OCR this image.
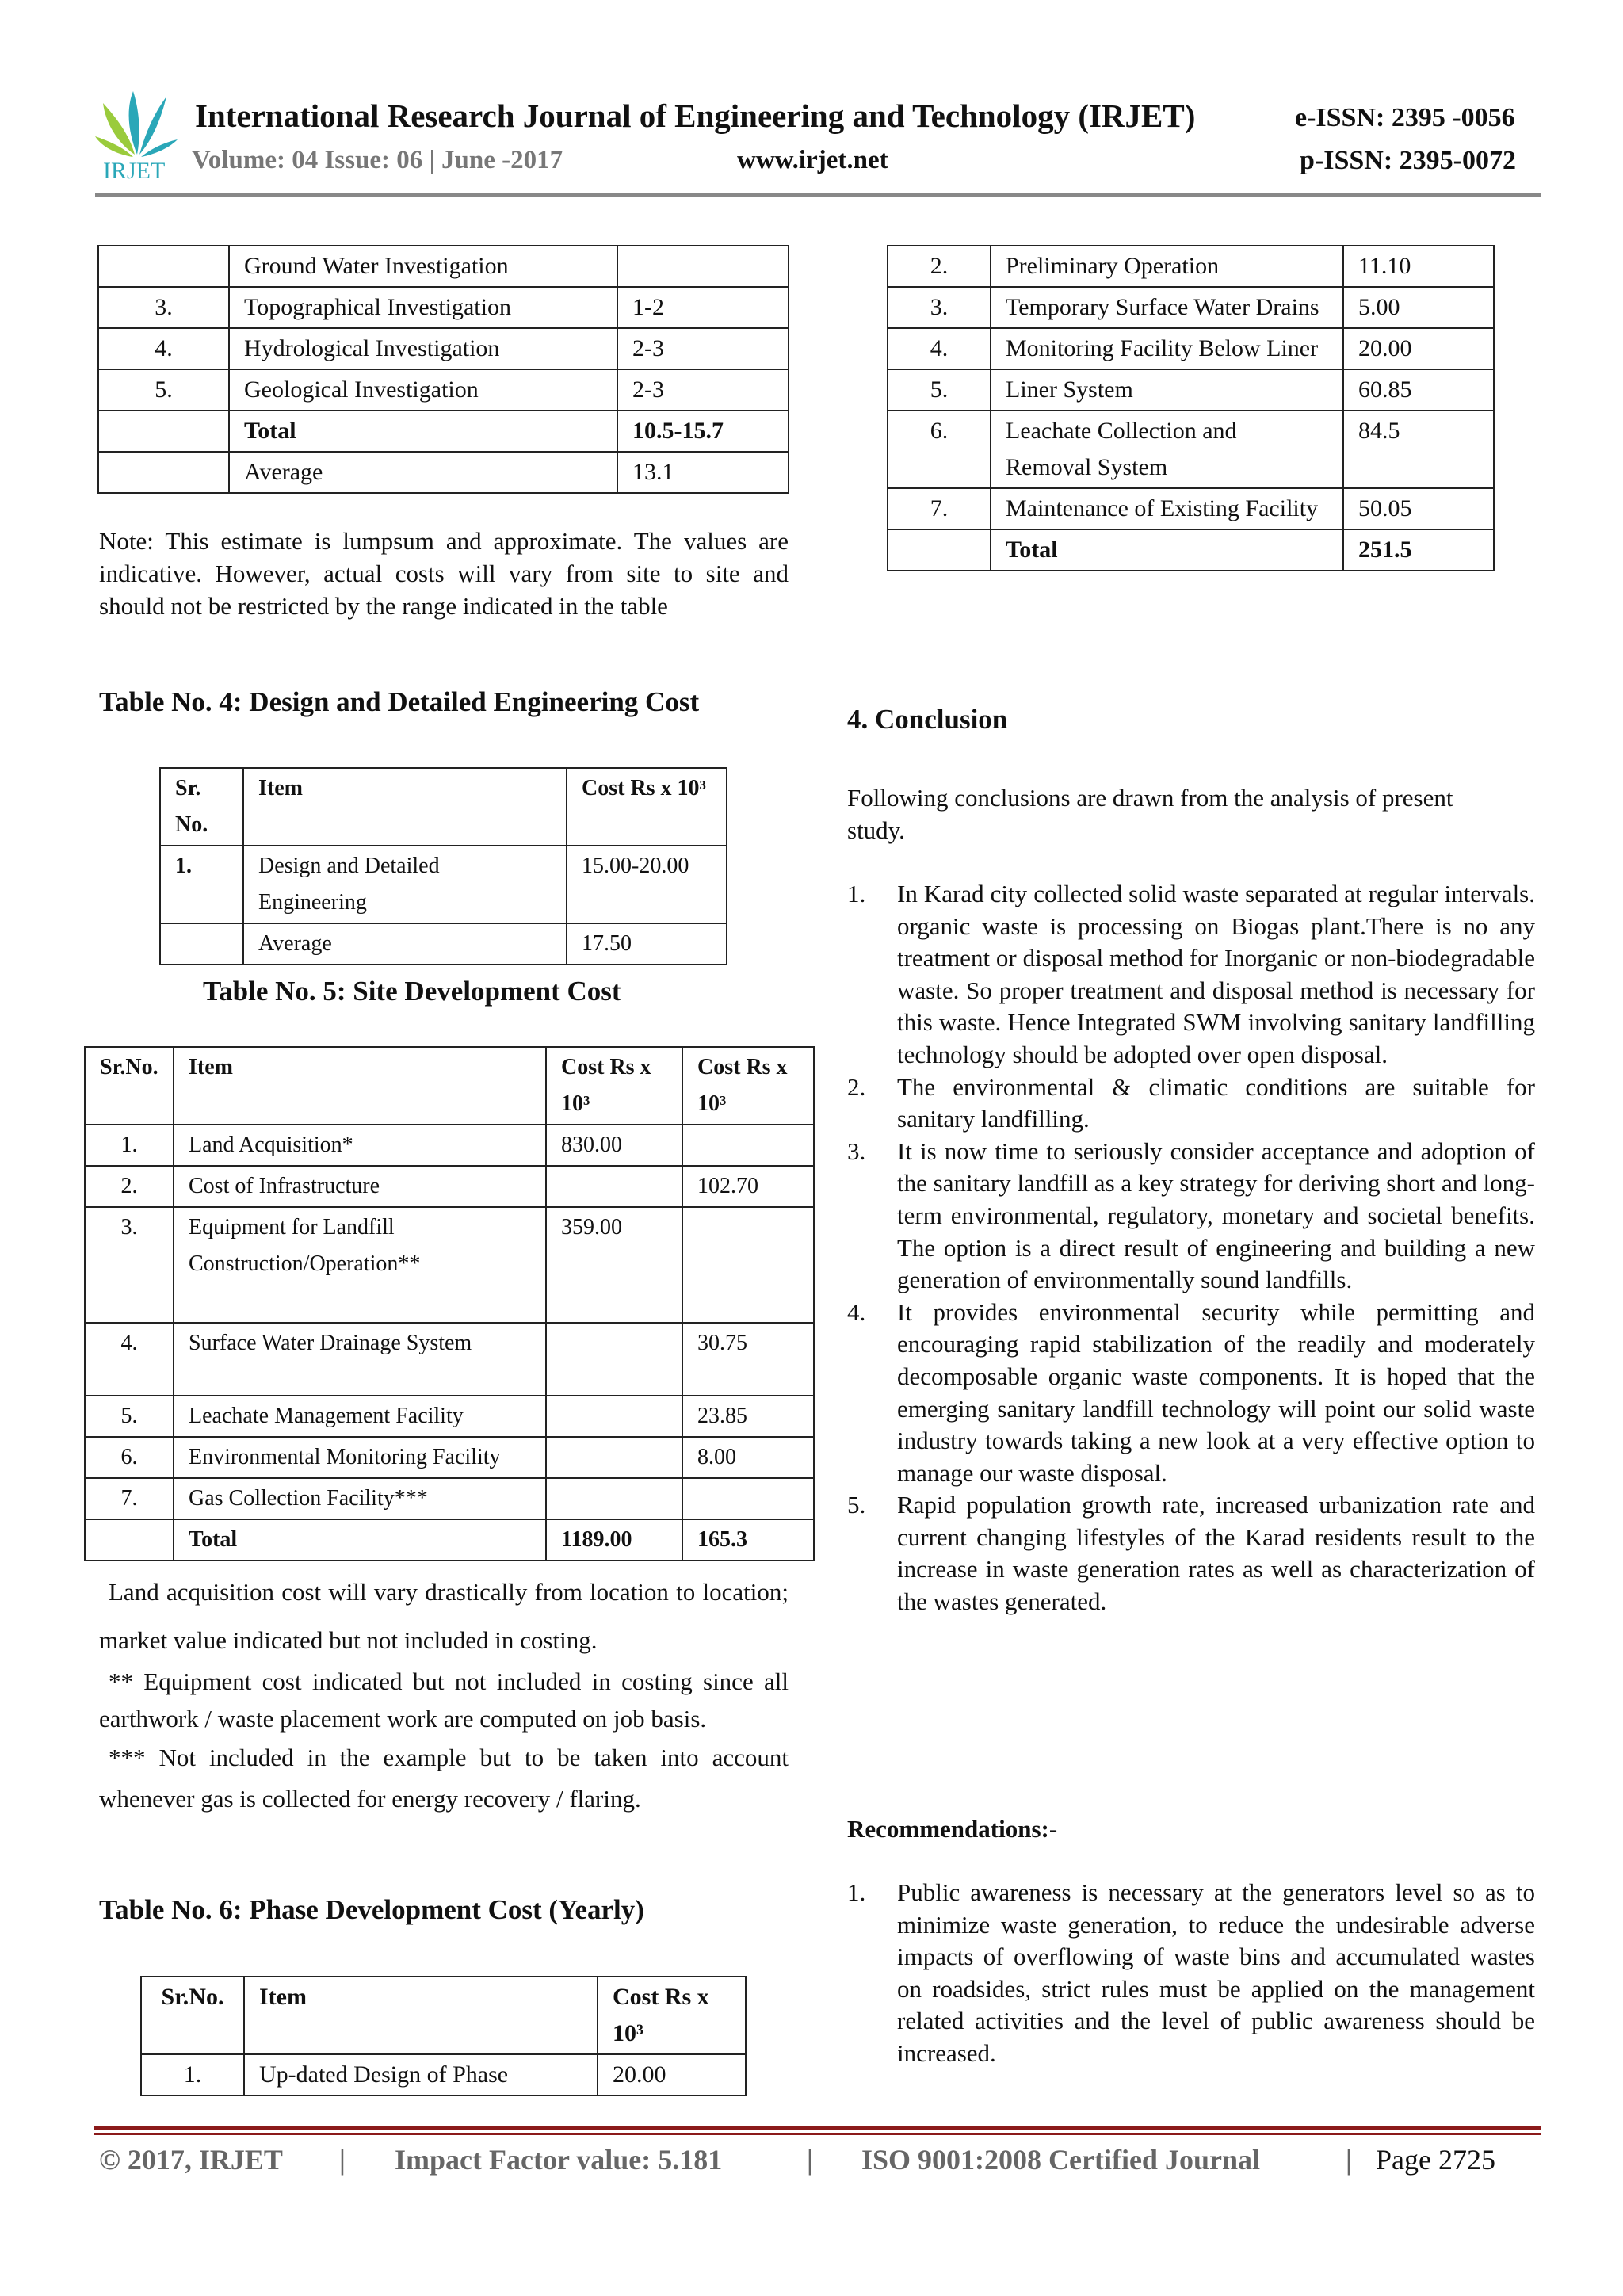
IRJET
International Research Journal of Engineering and Technology (IRJET)
Volume: 04 Issue: 06 | June -2017	www.irjet.net
e-ISSN: 2395 -0056
p-ISSN: 2395-0072
	Ground Water Investigation	
3.	Topographical Investigation	1-2
4.	Hydrological Investigation	2-3
5.	Geological Investigation	2-3
	Total	10.5-15.7
	Average	13.1

Note: This estimate is lumpsum and approximate. The values are indicative. However, actual costs will vary from site to site and should not be restricted by the range indicated in the table

Table No. 4: Design and Detailed Engineering Cost
Sr. No.	Item	Cost Rs x 10³
1.	Design and Detailed Engineering	15.00-20.00
	Average	17.50
Table No. 5: Site Development Cost
Sr.No.	Item	Cost Rs x 10³	Cost Rs x 10³
1.	Land Acquisition*	830.00	
2.	Cost of Infrastructure		102.70
3.	Equipment for Landfill Construction/Operation**	359.00	
4.	Surface Water Drainage System		30.75
5.	Leachate Management Facility		23.85
6.	Environmental Monitoring Facility		8.00
7.	Gas Collection Facility***		
	Total	1189.00	165.3

Land acquisition cost will vary drastically from location to location; market value indicated but not included in costing.

** Equipment cost indicated but not included in costing since all earthwork / waste placement work are computed on job basis.

*** Not included in the example but to be taken into account whenever gas is collected for energy recovery / flaring.

Table No. 6: Phase Development Cost (Yearly)
Sr.No.	Item	Cost Rs x 10³
1.	Up-dated Design of Phase	20.00
2.	Preliminary Operation	11.10
3.	Temporary Surface Water Drains	5.00
4.	Monitoring Facility Below Liner	20.00
5.	Liner System	60.85
6.	Leachate Collection and Removal System	84.5
7.	Maintenance of Existing Facility	50.05
	Total	251.5
4. Conclusion

Following conclusions are drawn from the analysis of present study.

1. In Karad city collected solid waste separated at regular intervals. organic waste is processing on Biogas plant.There is no any treatment or disposal method for Inorganic or non-biodegradable waste. So proper treatment and disposal method is necessary for this waste. Hence Integrated SWM involving sanitary landfilling technology should be adopted over open disposal.
2. The environmental & climatic conditions are suitable for sanitary landfilling.
3. It is now time to seriously consider acceptance and adoption of the sanitary landfill as a key strategy for deriving short and long-term environmental, regulatory, monetary and societal benefits. The option is a direct result of engineering and building a new generation of environmentally sound landfills.
4. It provides environmental security while permitting and encouraging rapid stabilization of the readily and moderately decomposable organic waste components. It is hoped that the emerging sanitary landfill technology will point our solid waste industry towards taking a new look at a very effective option to manage our waste disposal.
5. Rapid population growth rate, increased urbanization rate and current changing lifestyles of the Karad residents result to the increase in waste generation rates as well as characterization of the wastes generated.
Recommendations:-
1. Public awareness is necessary at the generators level so as to minimize waste generation, to reduce the undesirable adverse impacts of overflowing of waste bins and accumulated wastes on roadsides, strict rules must be applied on the management related activities and the level of public awareness should be increased.
© 2017, IRJET | Impact Factor value: 5.181	| ISO 9001:2008 Certified Journal	| Page 2725
